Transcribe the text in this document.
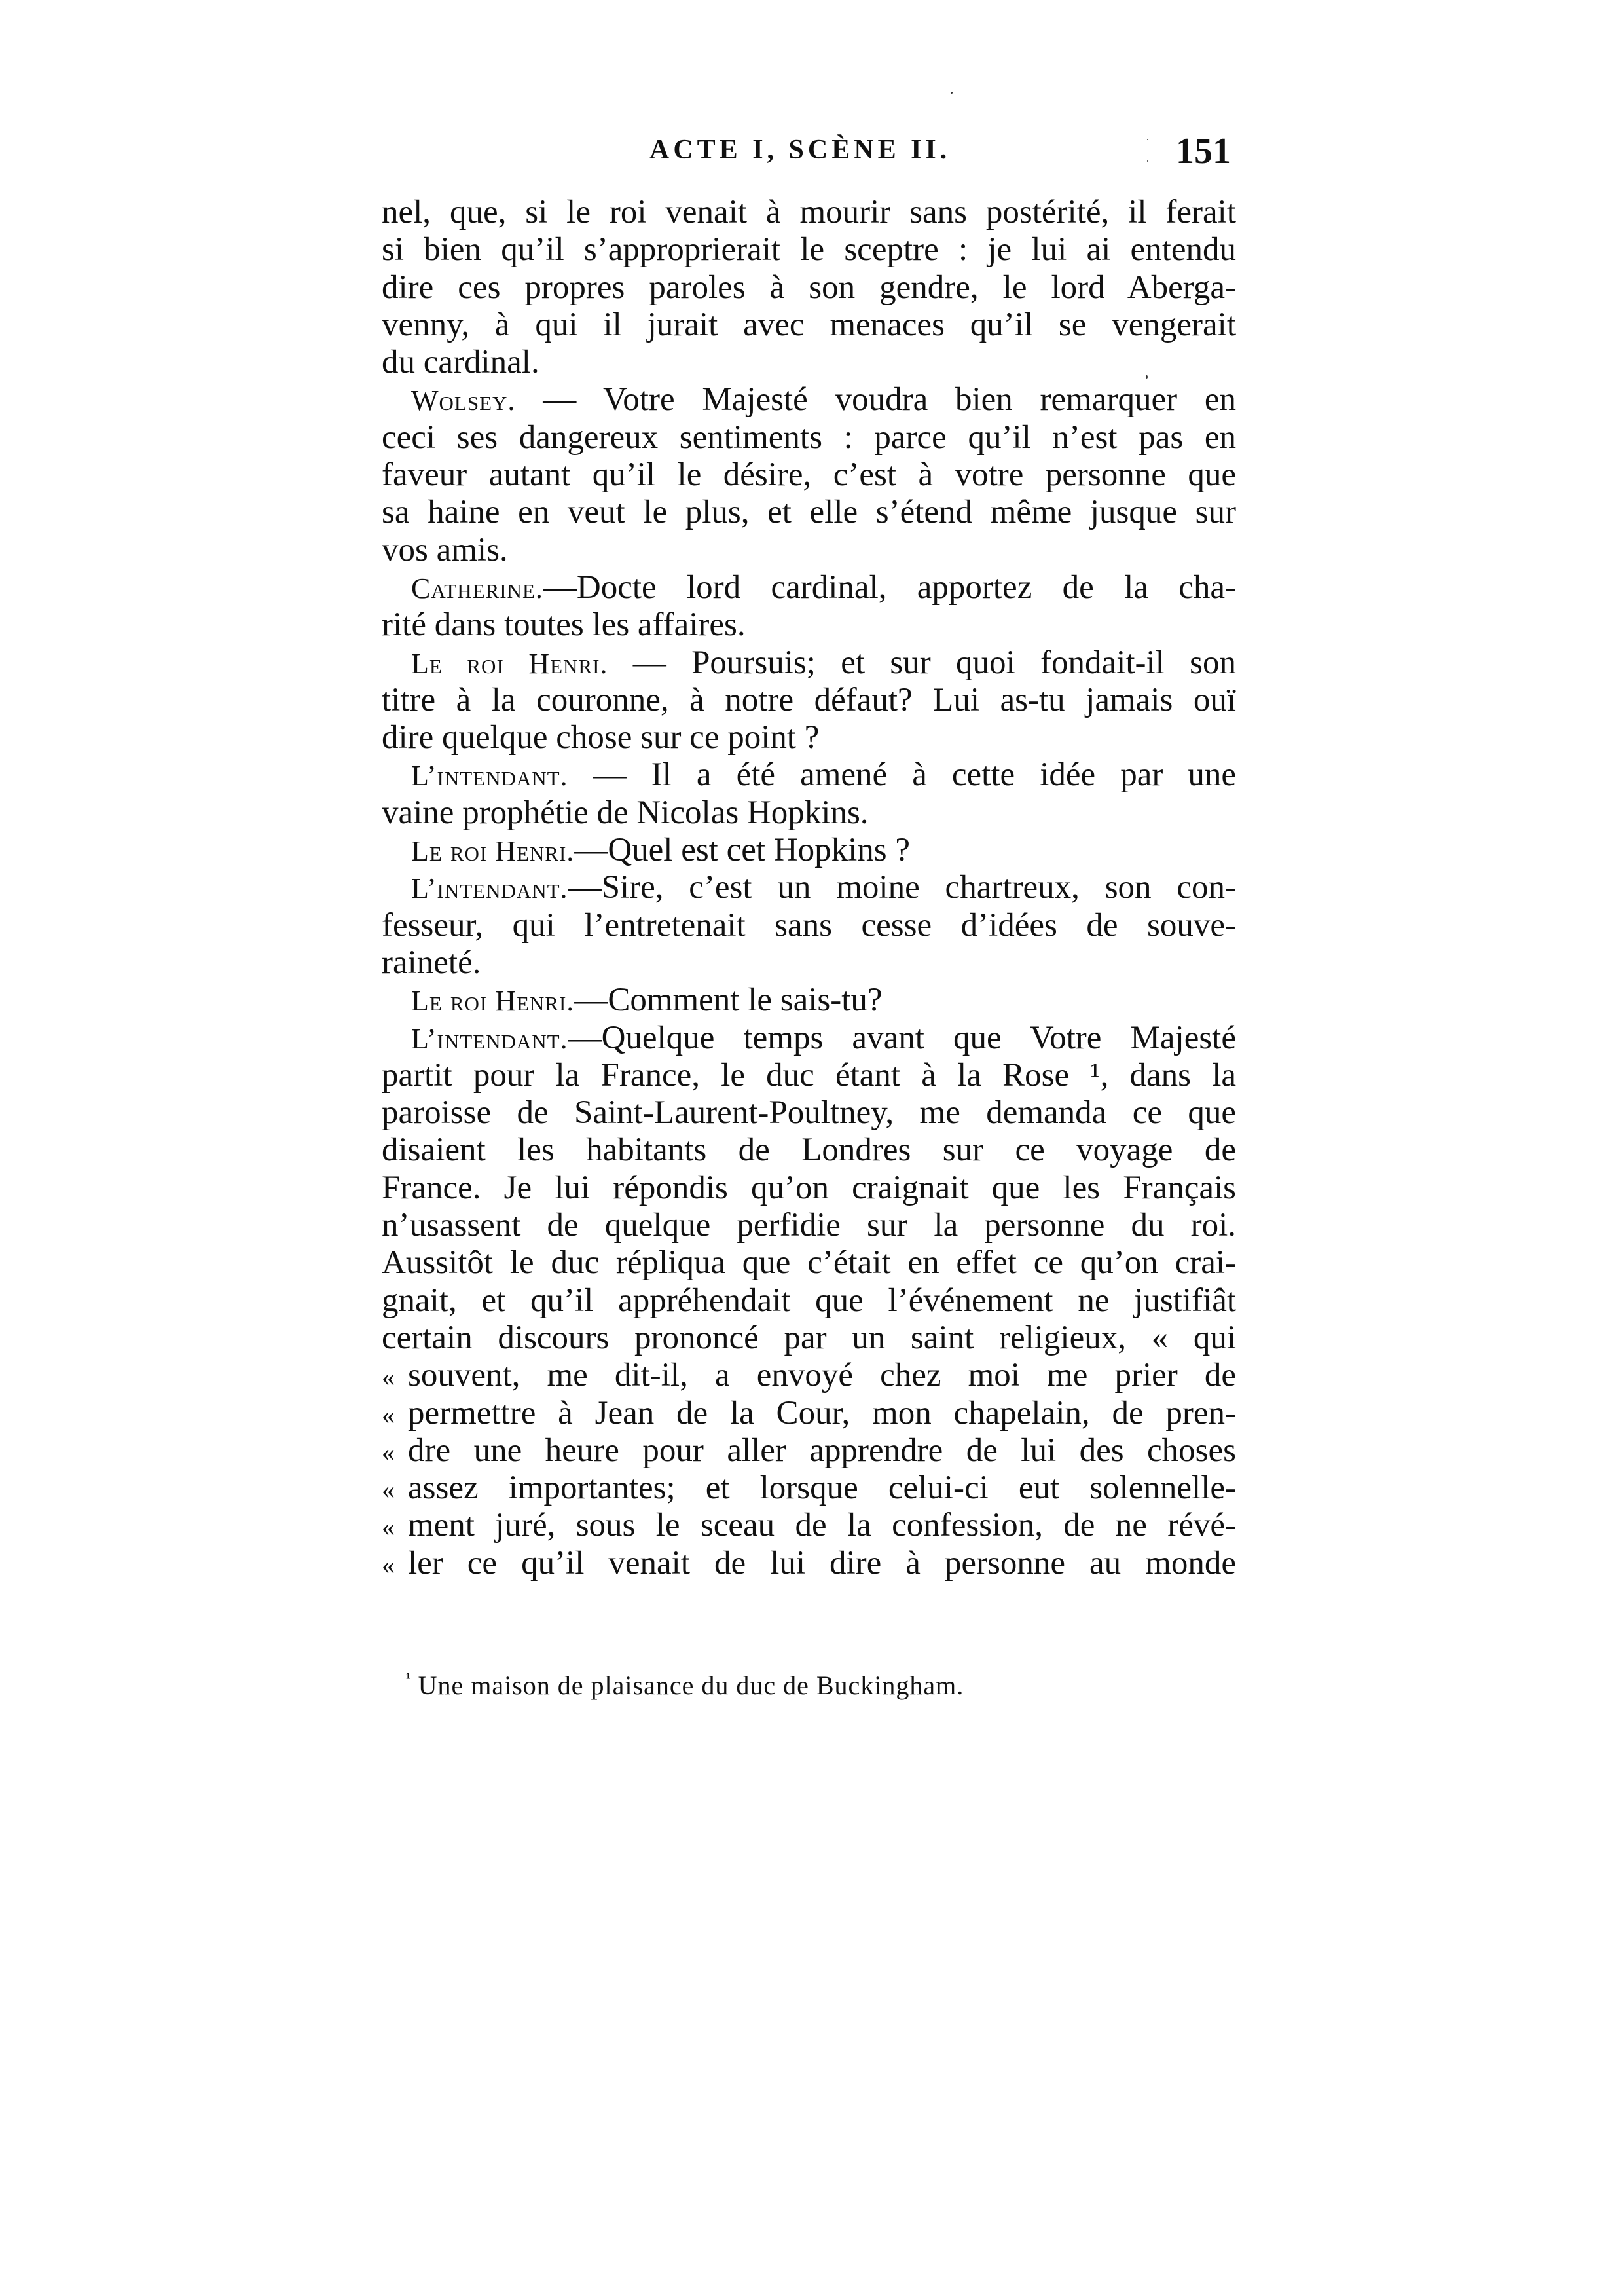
ACTE I, SCÈNE II.	151
nel, que, si le roi venait à mourir sans postérité, il ferait
si bien qu’il s’approprierait le sceptre : je lui ai entendu
dire ces propres paroles à son gendre, le lord Aberga-
venny, à qui il jurait avec menaces qu’il se vengerait
du cardinal.
Wolsey. — Votre Majesté voudra bien remarquer en
ceci ses dangereux sentiments : parce qu’il n’est pas en
faveur autant qu’il le désire, c’est à votre personne que
sa haine en veut le plus, et elle s’étend même jusque sur
vos amis.
Catherine.—Docte lord cardinal, apportez de la cha-
rité dans toutes les affaires.
Le roi Henri. — Poursuis; et sur quoi fondait-il son
titre à la couronne, à notre défaut? Lui as-tu jamais ouï
dire quelque chose sur ce point ?
L’intendant. — Il a été amené à cette idée par une
vaine prophétie de Nicolas Hopkins.
Le roi Henri.—Quel est cet Hopkins ?
L’intendant.—Sire, c’est un moine chartreux, son con-
fesseur, qui l’entretenait sans cesse d’idées de souve-
raineté.
Le roi Henri.—Comment le sais-tu?
L’intendant.—Quelque temps avant que Votre Majesté
partit pour la France, le duc étant à la Rose ¹, dans la
paroisse de Saint-Laurent-Poultney, me demanda ce que
disaient les habitants de Londres sur ce voyage de
France. Je lui répondis qu’on craignait que les Français
n’usassent de quelque perfidie sur la personne du roi.
Aussitôt le duc répliqua que c’était en effet ce qu’on crai-
gnait, et qu’il appréhendait que l’événement ne justifiât
certain discours prononcé par un saint religieux, « qui
« souvent, me dit-il, a envoyé chez moi me prier de
« permettre à Jean de la Cour, mon chapelain, de pren-
« dre une heure pour aller apprendre de lui des choses
« assez importantes; et lorsque celui-ci eut solennelle-
« ment juré, sous le sceau de la confession, de ne révé-
« ler ce qu’il venait de lui dire à personne au monde
$^{^1}$ Une maison de plaisance du duc de Buckingham.
